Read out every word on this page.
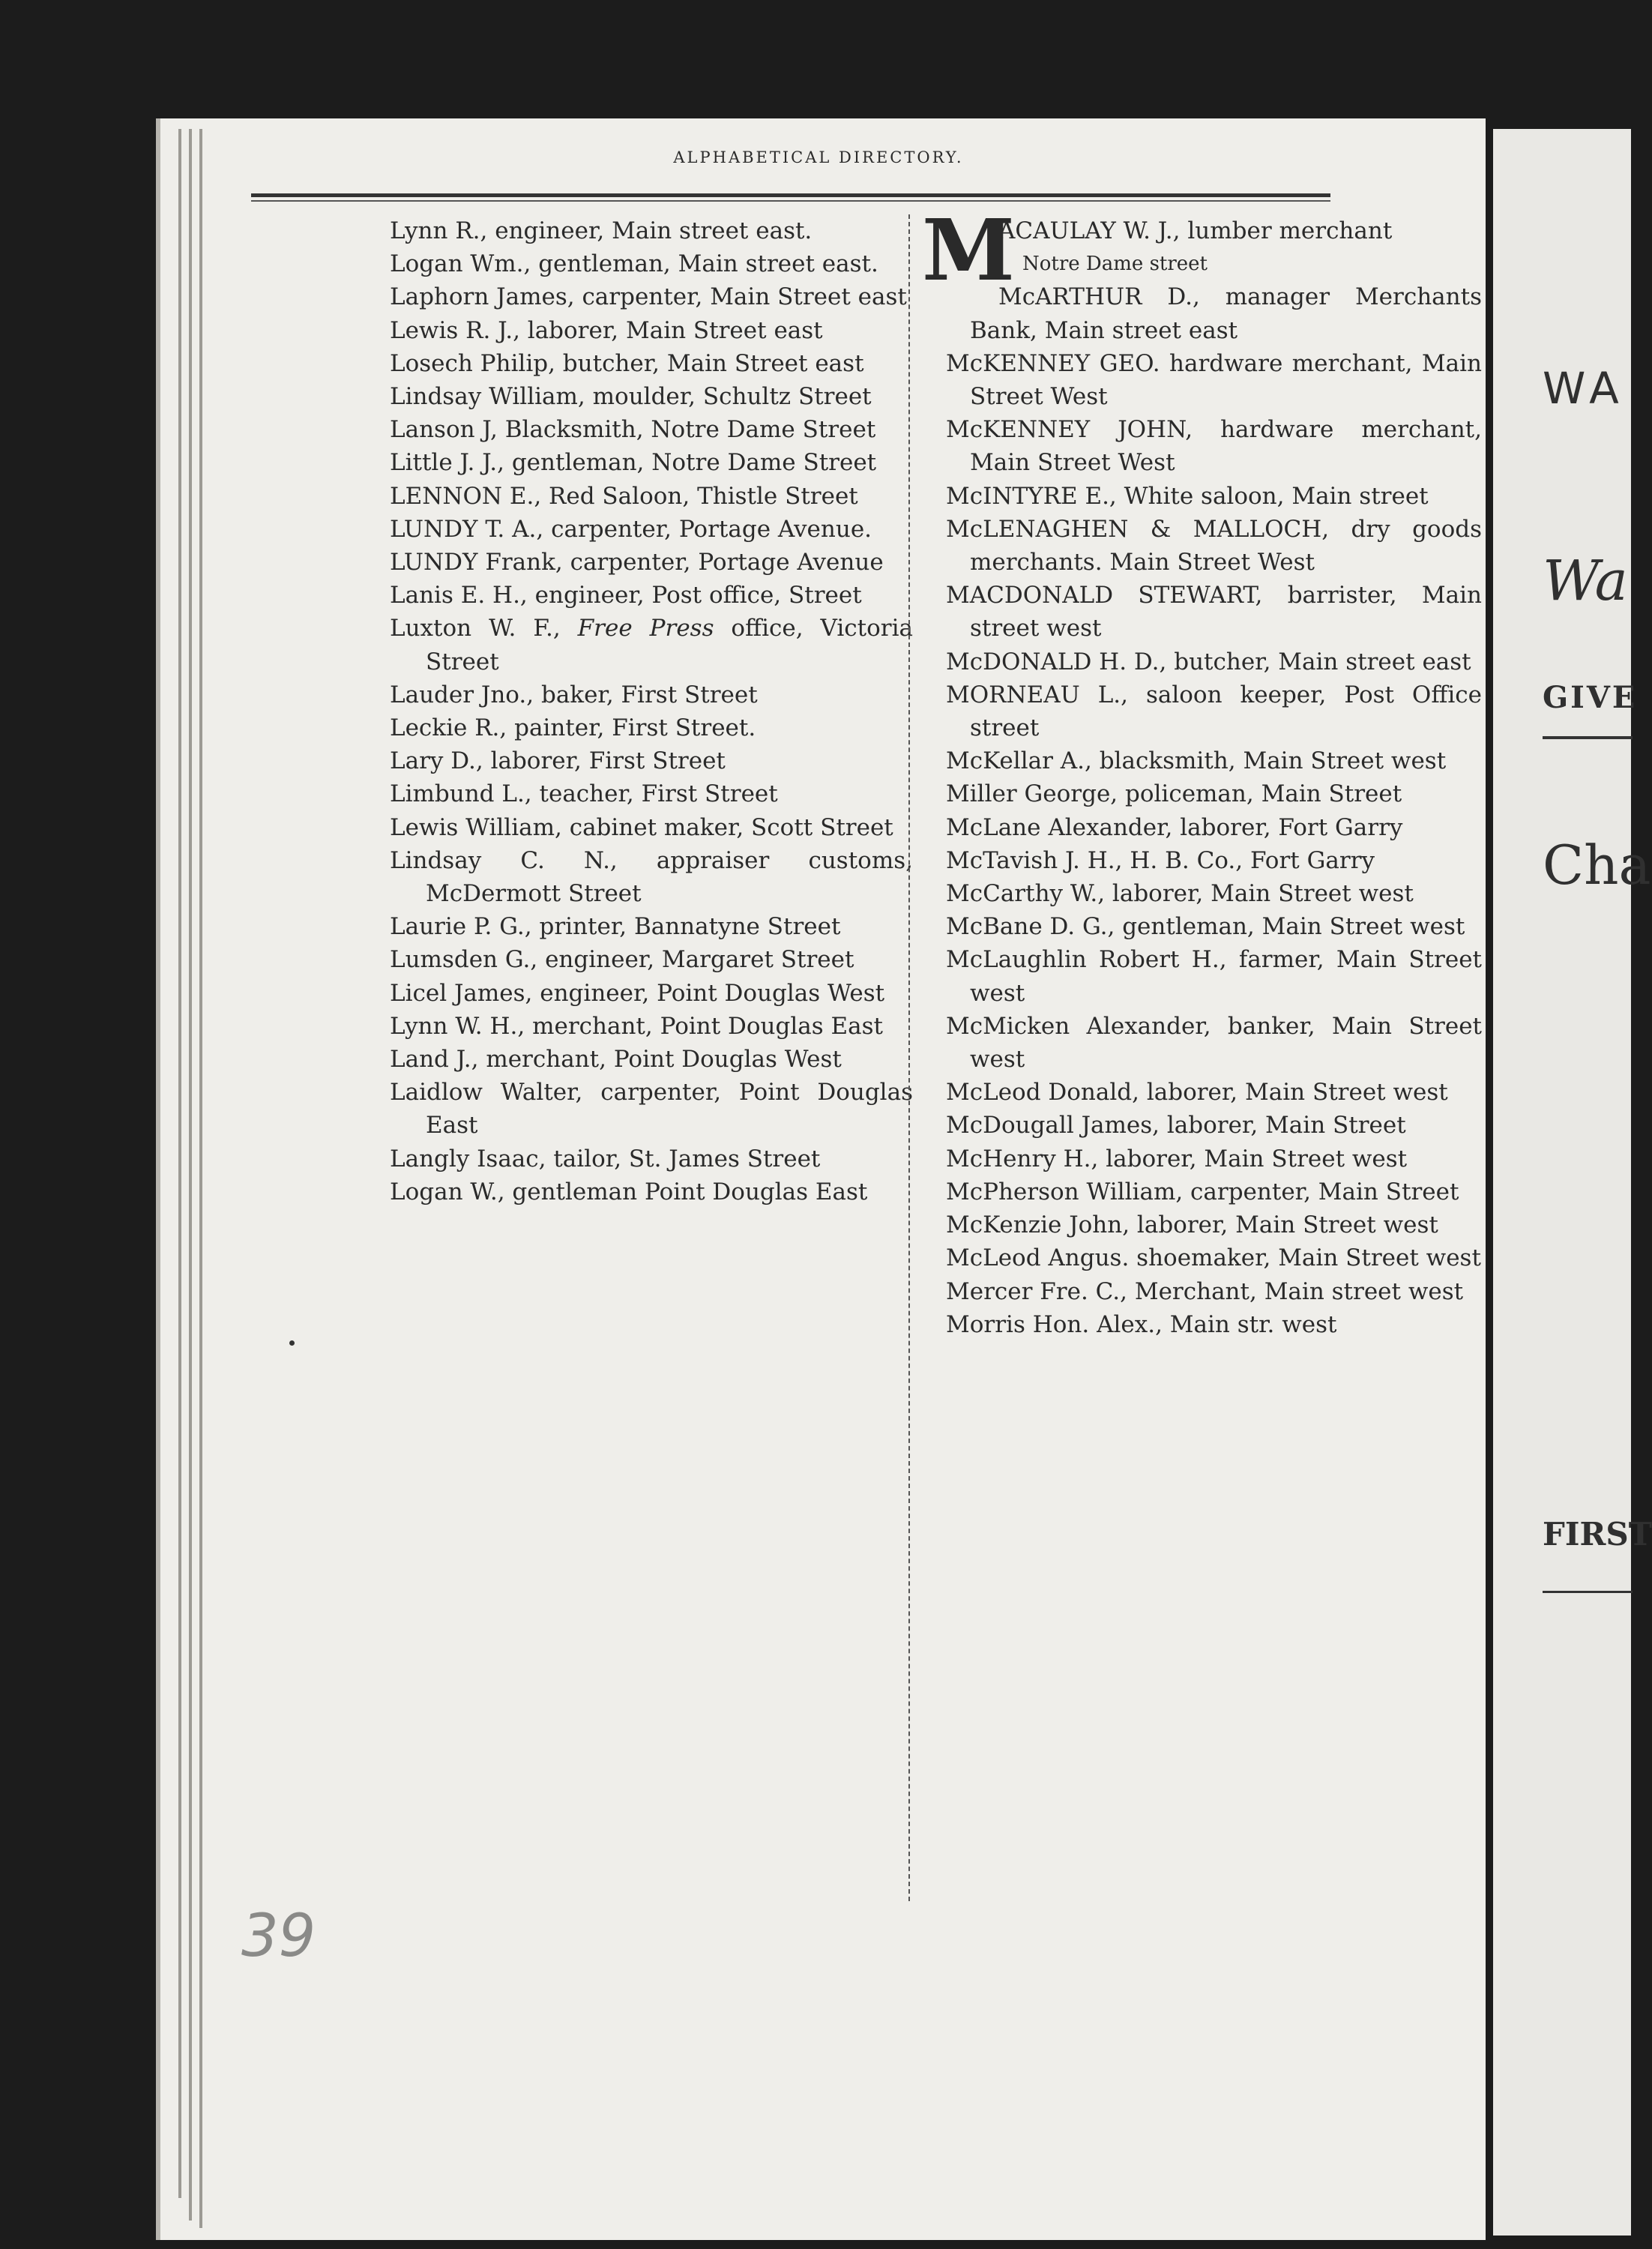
WA
Wa
GIVE
Cha
FIRST
ALPHABETICAL DIRECTORY.
Lynn R., engineer, Main street east.
Logan Wm., gentleman, Main street east.
Laphorn James, carpenter, Main Street east
Lewis R. J., laborer, Main Street east
Losech Philip, butcher, Main Street east
Lindsay William, moulder, Schultz Street
Lanson J, Blacksmith, Notre Dame Street
Little J. J., gentleman, Notre Dame Street
LENNON E., Red Saloon, Thistle Street
LUNDY T. A., carpenter, Portage Avenue.
LUNDY Frank, carpenter, Portage Avenue
Lanis E. H., engineer, Post office, Street
Luxton W. F., Free Press office, Victoria Street
Lauder Jno., baker, First Street
Leckie R., painter, First Street.
Lary D., laborer, First Street
Limbund L., teacher, First Street
Lewis William, cabinet maker, Scott Street
Lindsay C. N., appraiser customs, McDermott Street
Laurie P. G., printer, Bannatyne Street
Lumsden G., engineer, Margaret Street
Licel James, engineer, Point Douglas West
Lynn W. H., merchant, Point Douglas East
Land J., merchant, Point Douglas West
Laidlow Walter, carpenter, Point Douglas East
Langly Isaac, tailor, St. James Street
Logan W., gentleman Point Douglas East
M
ACAULAY W. J., lumber merchant
Notre Dame street
McARTHUR D., manager Merchants Bank, Main street east
McKENNEY GEO. hardware merchant, Main Street West
McKENNEY JOHN, hardware merchant, Main Street West
McINTYRE E., White saloon, Main street
McLENAGHEN & MALLOCH, dry goods merchants. Main Street West
MACDONALD STEWART, barrister, Main street west
McDONALD H. D., butcher, Main street east
MORNEAU L., saloon keeper, Post Office street
McKellar A., blacksmith, Main Street west
Miller George, policeman, Main Street
McLane Alexander, laborer, Fort Garry
McTavish J. H., H. B. Co., Fort Garry
McCarthy W., laborer, Main Street west
McBane D. G., gentleman, Main Street west
McLaughlin Robert H., farmer, Main Street west
McMicken Alexander, banker, Main Street west
McLeod Donald, laborer, Main Street west
McDougall James, laborer, Main Street
McHenry H., laborer, Main Street west
McPherson William, carpenter, Main Street
McKenzie John, laborer, Main Street west
McLeod Angus. shoemaker, Main Street west
Mercer Fre. C., Merchant, Main street west
Morris Hon. Alex., Main str. west
39
